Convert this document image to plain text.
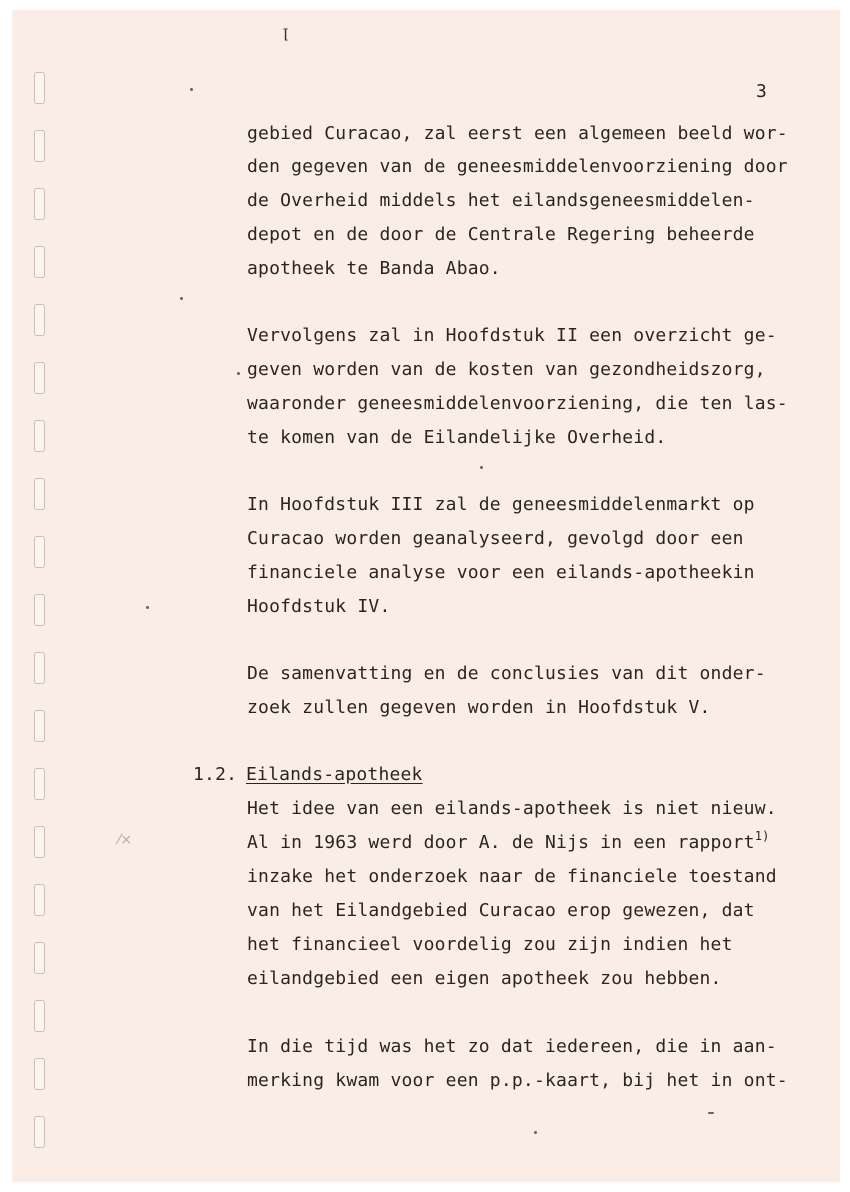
ꞁ
3
gebied Curacao, zal eerst een algemeen beeld wor-
den gegeven van de geneesmiddelenvoorziening door
de Overheid middels het eilandsgeneesmiddelen-
depot en de door de Centrale Regering beheerde
apotheek te Banda Abao.
Vervolgens zal in Hoofdstuk II een overzicht ge-
geven worden van de kosten van gezondheidszorg,
waaronder geneesmiddelenvoorziening, die ten las-
te komen van de Eilandelijke Overheid.
In Hoofdstuk III zal de geneesmiddelenmarkt op
Curacao worden geanalyseerd, gevolgd door een
financiele analyse voor een eilands-apotheekin
Hoofdstuk IV.
De samenvatting en de conclusies van dit onder-
zoek zullen gegeven worden in Hoofdstuk V.
1.2. Eilands-apotheek
Het idee van een eilands-apotheek is niet nieuw.
Al in 1963 werd door A. de Nijs in een rapport$^{1)}$
inzake het onderzoek naar de financiele toestand
van het Eilandgebied Curacao erop gewezen, dat
het financieel voordelig zou zijn indien het
eilandgebied een eigen apotheek zou hebben.
In die tijd was het zo dat iedereen, die in aan-
merking kwam voor een p.p.-kaart, bij het in ont-
⁄×
